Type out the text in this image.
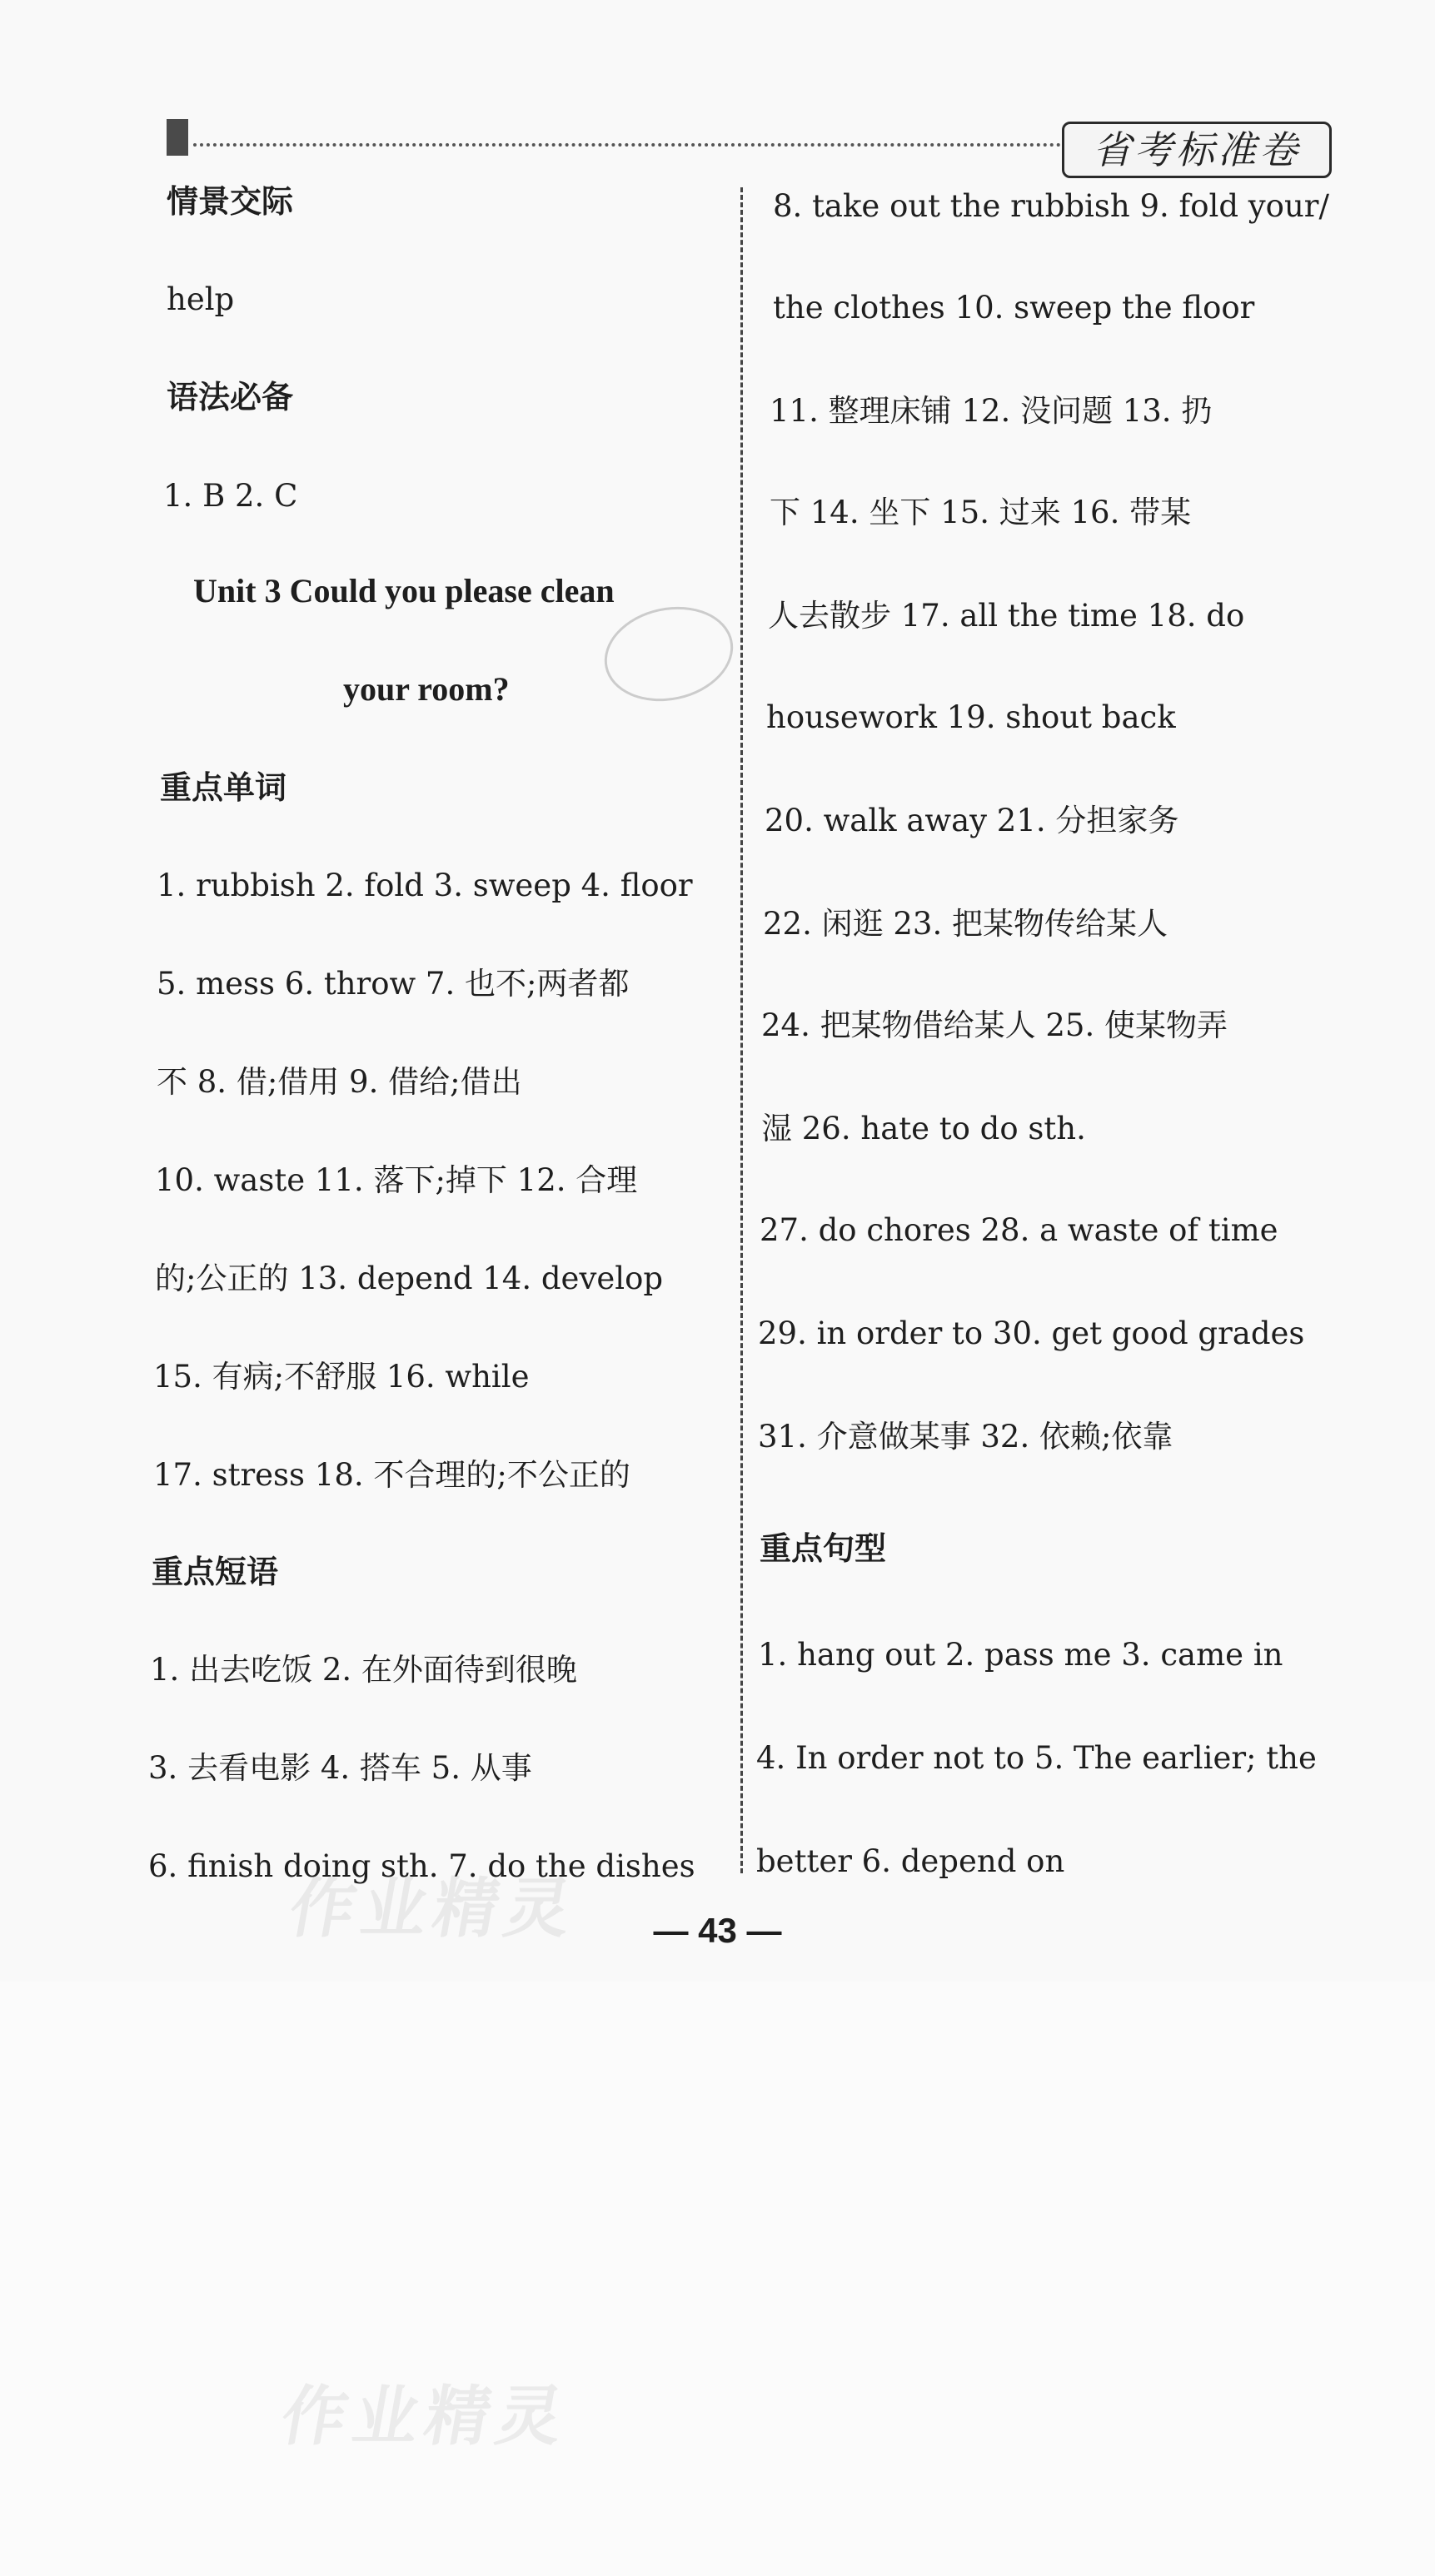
省考标准卷
情景交际
help
语法必备
1. B 2. C
Unit 3 Could you please clean
your room?
重点单词
1. rubbish 2. fold 3. sweep 4. floor
5. mess 6. throw 7. 也不;两者都
不 8. 借;借用 9. 借给;借出
10. waste 11. 落下;掉下 12. 合理
的;公正的 13. depend 14. develop
15. 有病;不舒服 16. while
17. stress 18. 不合理的;不公正的
重点短语
1. 出去吃饭 2. 在外面待到很晚
3. 去看电影 4. 搭车 5. 从事
6. finish doing sth. 7. do the dishes
8. take out the rubbish 9. fold your/
the clothes 10. sweep the floor
11. 整理床铺 12. 没问题 13. 扔
下 14. 坐下 15. 过来 16. 带某
人去散步 17. all the time 18. do
housework 19. shout back
20. walk away 21. 分担家务
22. 闲逛 23. 把某物传给某人
24. 把某物借给某人 25. 使某物弄
湿 26. hate to do sth.
27. do chores 28. a waste of time
29. in order to 30. get good grades
31. 介意做某事 32. 依赖;依靠
重点句型
1. hang out 2. pass me 3. came in
4. In order not to 5. The earlier; the
better 6. depend on
— 43 —
作业精灵
作业精灵
